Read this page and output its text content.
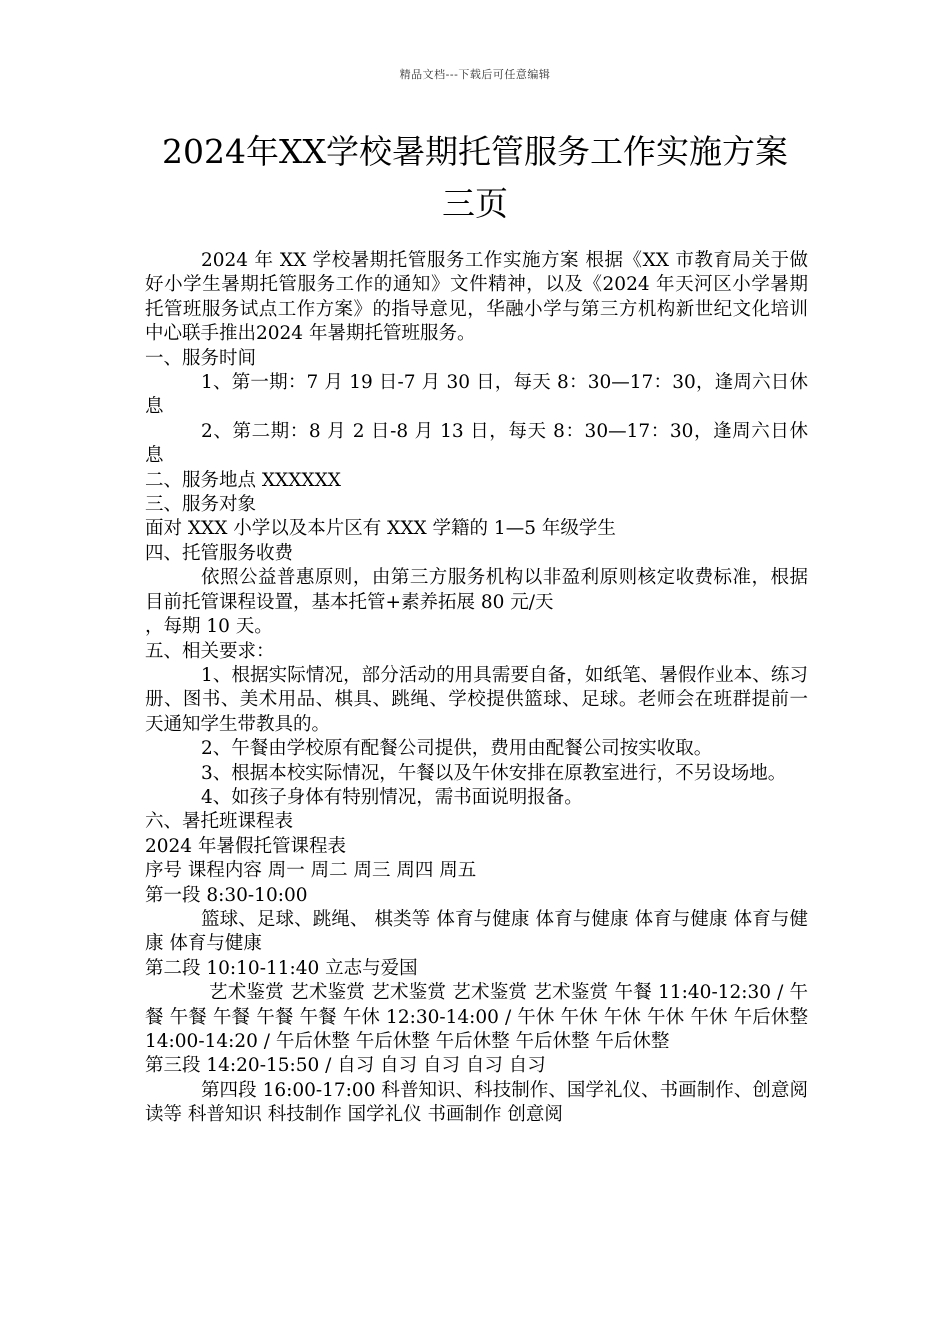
精品文档---下载后可任意编辑
2024年XX学校暑期托管服务工作实施方案
三页

2024 年 XX 学校暑期托管服务工作实施方案 根据《XX 市教育局关于做好小学生暑期托管服务工作的通知》文件精神，以及《2024 年天河区小学暑期托管班服务试点工作方案》的指导意见，华融小学与第三方机构新世纪文化培训中心联手推出2024 年暑期托管班服务。

一、服务时间

1、第一期：7 月 19 日-7 月 30 日，每天 8：30—17：30，逢周六日休息

2、第二期：8 月 2 日-8 月 13 日，每天 8：30—17：30，逢周六日休息

二、服务地点 XXXXXX

三、服务对象

面对 XXX 小学以及本片区有 XXX 学籍的 1—5 年级学生

四、托管服务收费

依照公益普惠原则，由第三方服务机构以非盈利原则核定收费标准，根据目前托管课程设置，基本托管+素养拓展 80 元/天

，每期 10 天。

五、相关要求：

1、根据实际情况，部分活动的用具需要自备，如纸笔、暑假作业本、练习册、图书、美术用品、棋具、跳绳、学校提供篮球、足球。老师会在班群提前一天通知学生带教具的。

2、午餐由学校原有配餐公司提供，费用由配餐公司按实收取。

3、根据本校实际情况，午餐以及午休安排在原教室进行，不另设场地。

4、如孩子身体有特别情况，需书面说明报备。

六、暑托班课程表

2024 年暑假托管课程表

序号 课程内容 周一 周二 周三 周四 周五

第一段 8:30-10:00

篮球、足球、跳绳、 棋类等 体育与健康 体育与健康 体育与健康 体育与健康 体育与健康

第二段 10:10-11:40 立志与爱国

艺术鉴赏 艺术鉴赏 艺术鉴赏 艺术鉴赏 艺术鉴赏 午餐 11:40-12:30 / 午餐 午餐 午餐 午餐 午餐 午休 12:30-14:00 / 午休 午休 午休 午休 午休 午后休整 14:00-14:20 / 午后休整 午后休整 午后休整 午后休整 午后休整

第三段 14:20-15:50 / 自习 自习 自习 自习 自习

第四段 16:00-17:00 科普知识、科技制作、国学礼仪、书画制作、创意阅读等 科普知识 科技制作 国学礼仪 书画制作 创意阅
